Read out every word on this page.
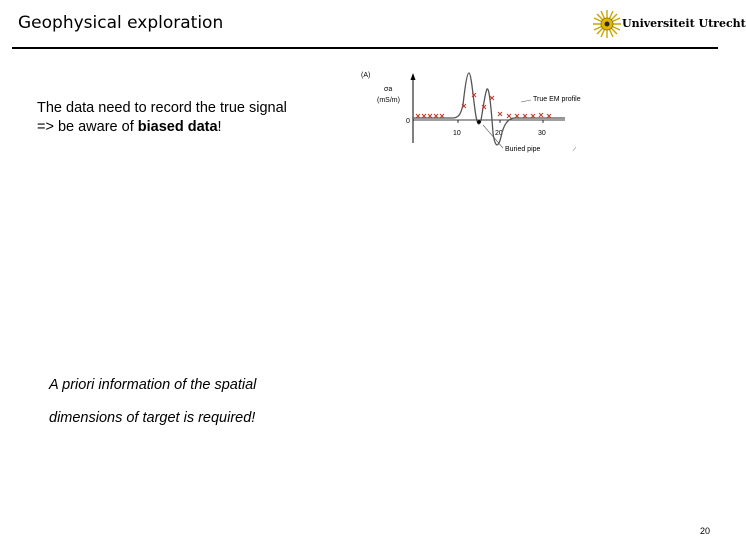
Geophysical exploration	Universiteit Utrecht
The data need to record the true signal
=> be aware of biased data!
(A)
σa
(mS/m)
0
10	20	30
True EM profile
Buried pipe
A priori information of the spatial
dimensions of target is required!
20
